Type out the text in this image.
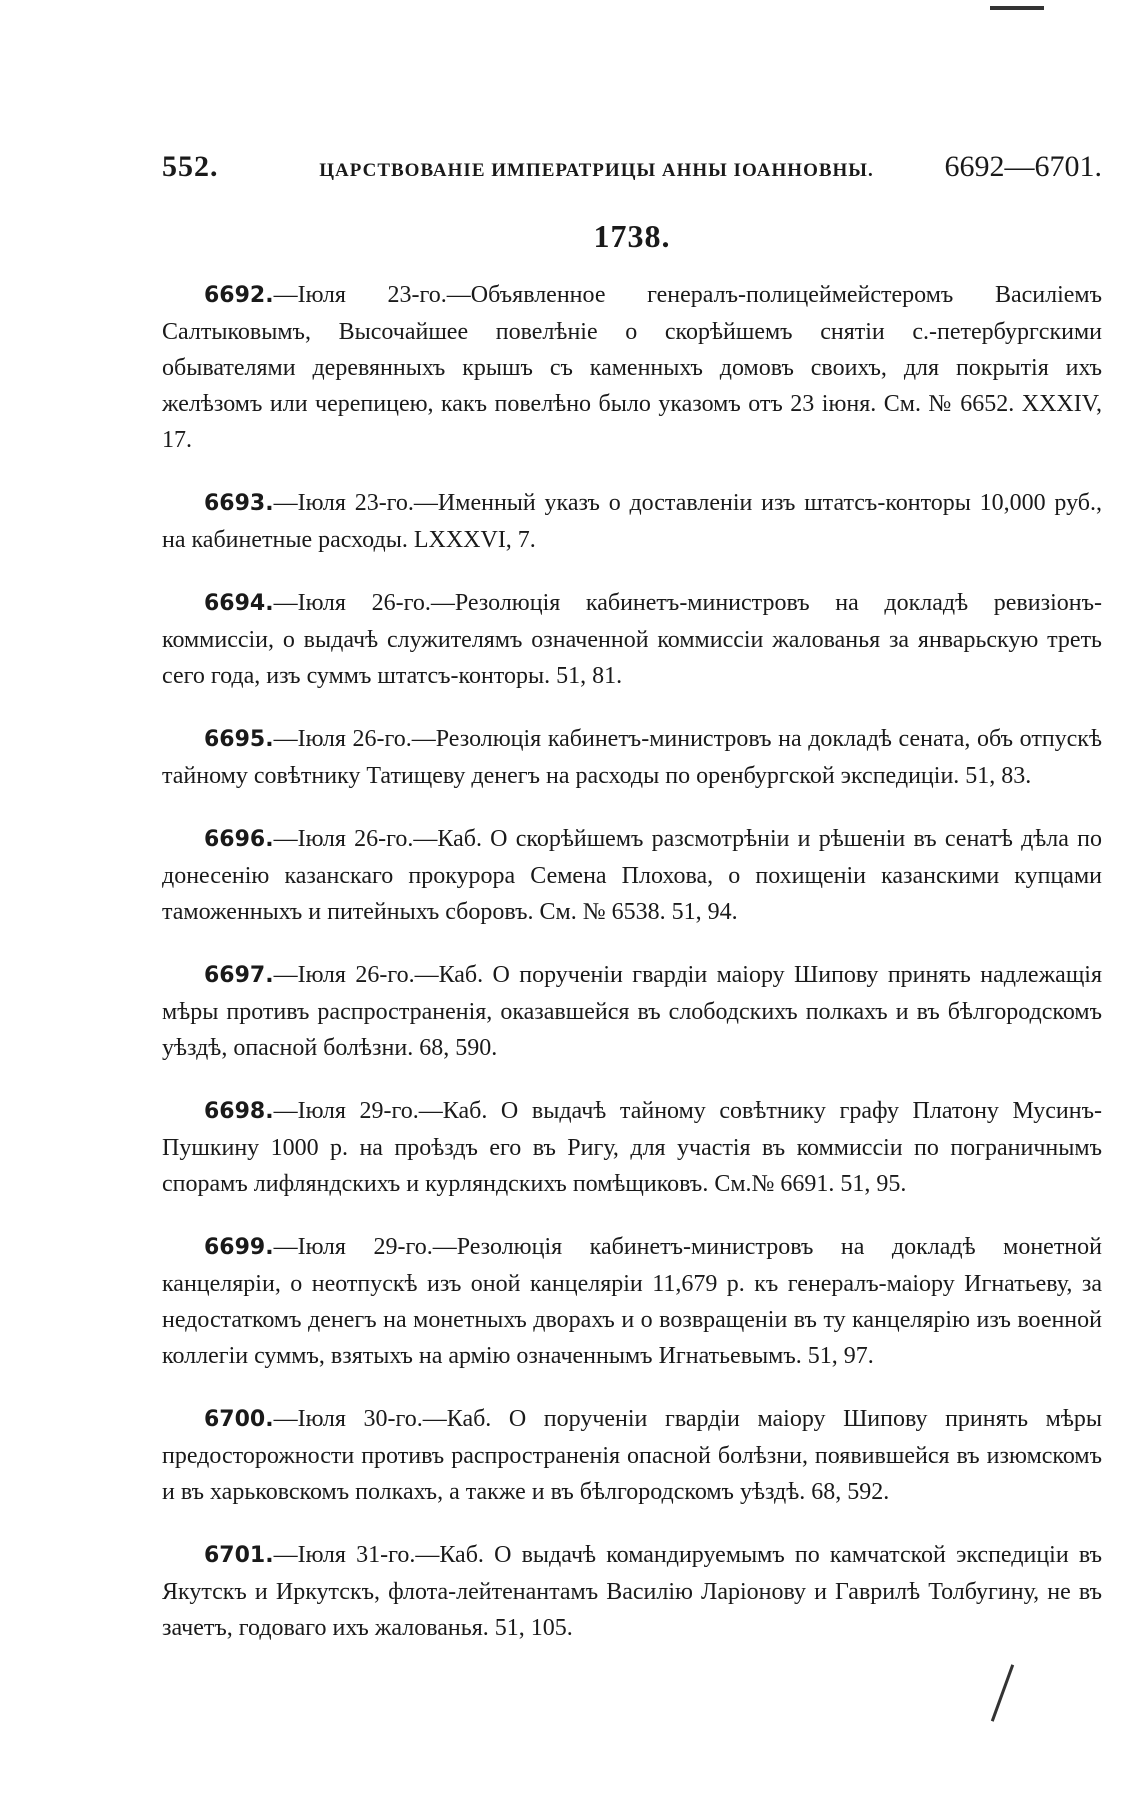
552.	ЦАРСТВОВАНІЕ ИМПЕРАТРИЦЫ АННЫ ІОАННОВНЫ. 6692—6701.
1738.
6692.—Іюля 23-го.—Объявленное генералъ-полицеймейстеромъ Василіемъ Салтыковымъ, Высочайшее повелѣніе о скорѣйшемъ снятіи с.-петербургскими обывателями деревянныхъ крышъ съ каменныхъ домовъ своихъ, для покрытія ихъ желѣзомъ или черепицею, какъ повелѣно было указомъ отъ 23 іюня. См. № 6652. XXXIV, 17.
6693.—Іюля 23-го.—Именный указъ о доставленіи изъ штатсъ-конторы 10,000 руб., на кабинетные расходы. LXXXVI, 7.
6694.—Іюля 26-го.—Резолюція кабинетъ-министровъ на докладѣ ревизіонъ-коммиссіи, о выдачѣ служителямъ означенной коммиссіи жалованья за январьскую треть сего года, изъ суммъ штатсъ-конторы. 51, 81.
6695.—Іюля 26-го.—Резолюція кабинетъ-министровъ на докладѣ сената, объ отпускѣ тайному совѣтнику Татищеву денегъ на расходы по оренбургской экспедиціи. 51, 83.
6696.—Іюля 26-го.—Каб. О скорѣйшемъ разсмотрѣніи и рѣшеніи въ сенатѣ дѣла по донесенію казанскаго прокурора Семена Плохова, о похищеніи казанскими купцами таможенныхъ и питейныхъ сборовъ. См. № 6538. 51, 94.
6697.—Іюля 26-го.—Каб. О порученіи гвардіи маіору Шипову принять надлежащія мѣры противъ распространенія, оказавшейся въ слободскихъ полкахъ и въ бѣлгородскомъ уѣздѣ, опасной болѣзни. 68, 590.
6698.—Іюля 29-го.—Каб. О выдачѣ тайному совѣтнику графу Платону Мусинъ-Пушкину 1000 р. на проѣздъ его въ Ригу, для участія въ коммиссіи по пограничнымъ спорамъ лифляндскихъ и курляндскихъ помѣщиковъ. См.№ 6691. 51, 95.
6699.—Іюля 29-го.—Резолюція кабинетъ-министровъ на докладѣ монетной канцеляріи, о неотпускѣ изъ оной канцеляріи 11,679 р. къ генералъ-маіору Игнатьеву, за недостаткомъ денегъ на монетныхъ дворахъ и о возвращеніи въ ту канцелярію изъ военной коллегіи суммъ, взятыхъ на армію означеннымъ Игнатьевымъ. 51, 97.
6700.—Іюля 30-го.—Каб. О порученіи гвардіи маіору Шипову принять мѣры предосторожности противъ распространенія опасной болѣзни, появившейся въ изюмскомъ и въ харьковскомъ полкахъ, а также и въ бѣлгородскомъ уѣздѣ. 68, 592.
6701.—Іюля 31-го.—Каб. О выдачѣ командируемымъ по камчатской экспедиціи въ Якутскъ и Иркутскъ, флота-лейтенантамъ Василію Ларіонову и Гаврилѣ Толбугину, не въ зачетъ, годоваго ихъ жалованья. 51, 105.
